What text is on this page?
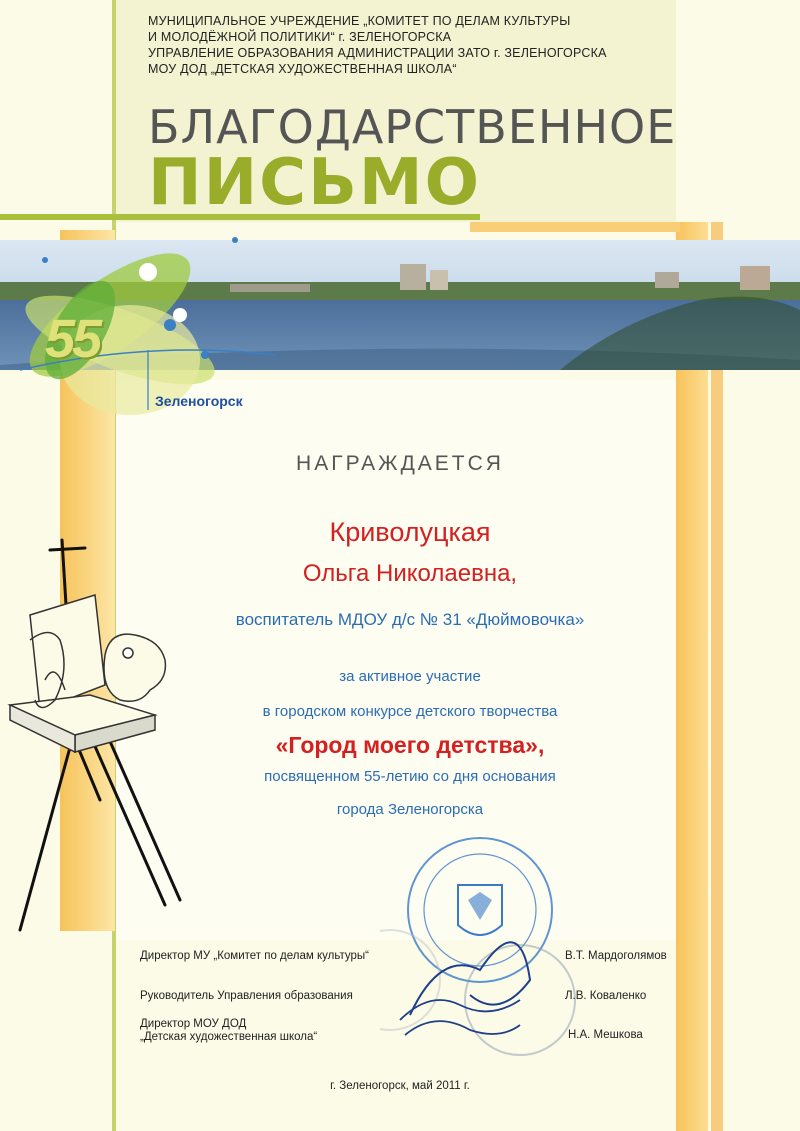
МУНИЦИПАЛЬНОЕ УЧРЕЖДЕНИЕ „КОМИТЕТ ПО ДЕЛАМ КУЛЬТУРЫ
И МОЛОДЁЖНОЙ ПОЛИТИКИ“ г. ЗЕЛЕНОГОРСКА
УПРАВЛЕНИЕ ОБРАЗОВАНИЯ АДМИНИСТРАЦИИ ЗАТО г. ЗЕЛЕНОГОРСКА
МОУ ДОД „ДЕТСКАЯ ХУДОЖЕСТВЕННАЯ ШКОЛА“
БЛАГОДАРСТВЕННОЕ
ПИСЬМО
55
Зеленогорск
НАГРАЖДАЕТСЯ
Криволуцкая
Ольга Николаевна,
воспитатель МДОУ д/с № 31 «Дюймовочка»
за активное участие
в городском конкурсе детского творчества
«Город моего детства»,
посвященном 55-летию со дня основания
города Зеленогорска
Директор МУ „Комитет по делам культуры“	В.Т. Мардоголямов
Руководитель Управления образования	Л.В. Коваленко
Директор МОУ ДОД
„Детская художественная школа“	Н.А. Мешкова
г. Зеленогорск, май 2011 г.
